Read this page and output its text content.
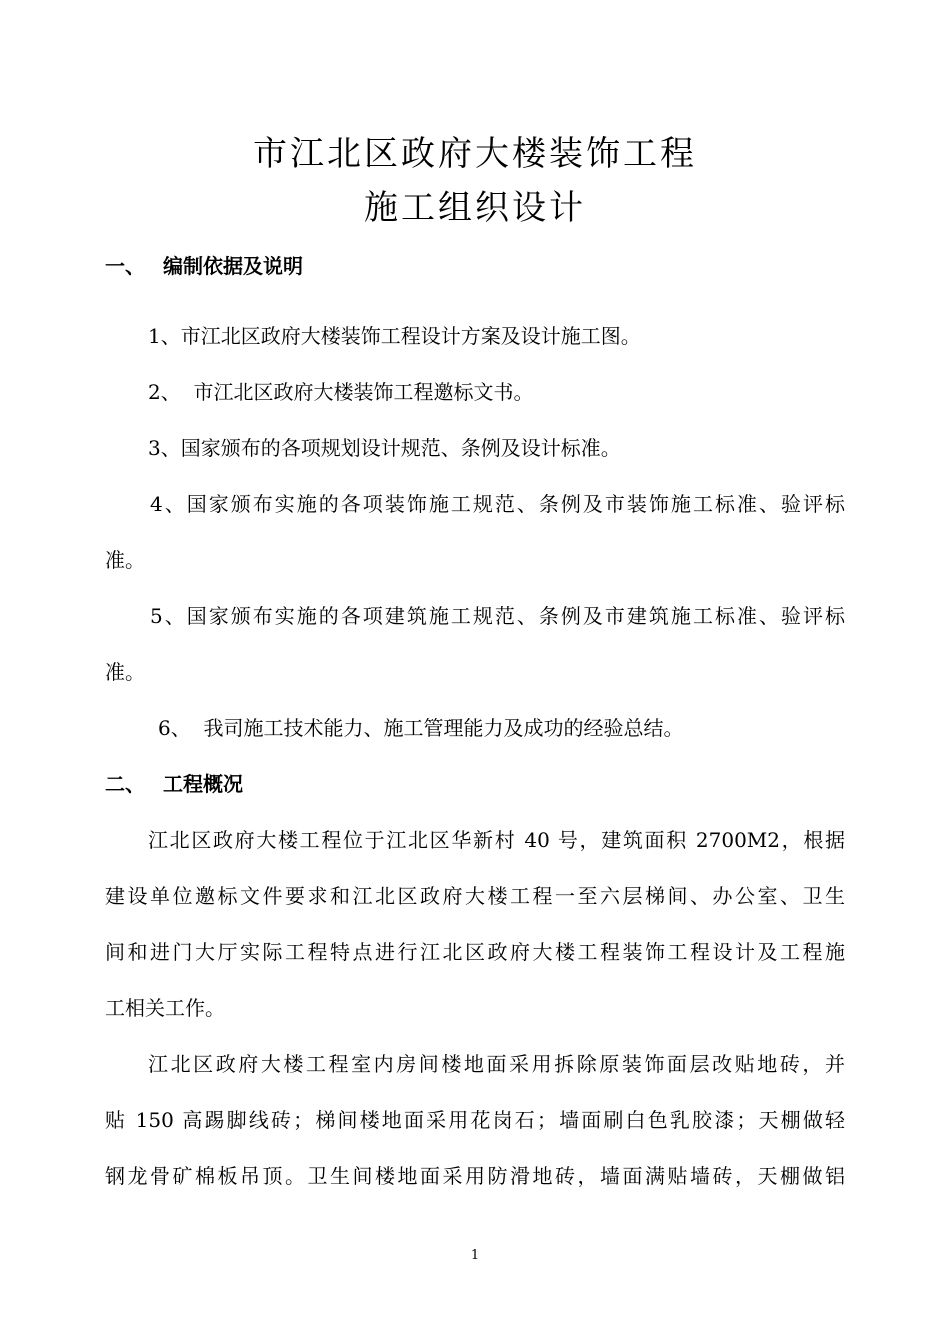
市江北区政府大楼装饰工程
施工组织设计
一、 编制依据及说明
1、市江北区政府大楼装饰工程设计方案及设计施工图。
2、  市江北区政府大楼装饰工程邀标文书。
3、国家颁布的各项规划设计规范、条例及设计标准。
4、国家颁布实施的各项装饰施工规范、条例及市装饰施工标准、验评标
准。
5、国家颁布实施的各项建筑施工规范、条例及市建筑施工标准、验评标
准。
6、  我司施工技术能力、施工管理能力及成功的经验总结。
二、 工程概况
江北区政府大楼工程位于江北区华新村 40 号，建筑面积 2700M2，根据
建设单位邀标文件要求和江北区政府大楼工程一至六层梯间、办公室、卫生
间和进门大厅实际工程特点进行江北区政府大楼工程装饰工程设计及工程施
工相关工作。
江北区政府大楼工程室内房间楼地面采用拆除原装饰面层改贴地砖，并
贴 150 高踢脚线砖；梯间楼地面采用花岗石；墙面刷白色乳胶漆；天棚做轻
钢龙骨矿棉板吊顶。卫生间楼地面采用防滑地砖，墙面满贴墙砖，天棚做铝
1
